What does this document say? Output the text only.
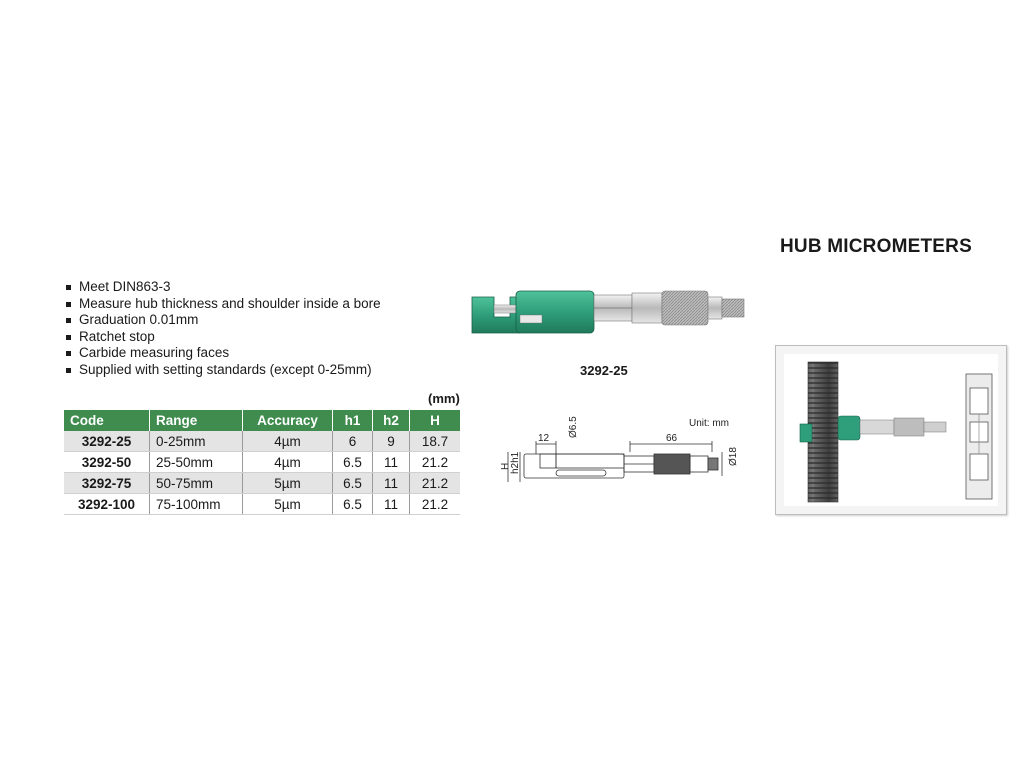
HUB MICROMETERS
Meet DIN863-3
Measure hub thickness and shoulder inside a bore
Graduation 0.01mm
Ratchet stop
Carbide measuring faces
Supplied with setting standards (except 0-25mm)
(mm)
Code	Range	Accuracy	h1	h2	H
3292-25	0-25mm	4µm	6	9	18.7
3292-50	25-50mm	4µm	6.5	11	21.2
3292-75	50-75mm	5µm	6.5	11	21.2
3292-100	75-100mm	5µm	6.5	11	21.2
3292-25
Unit: mm
12
Ø6.5
66
Ø18
H h2h1
